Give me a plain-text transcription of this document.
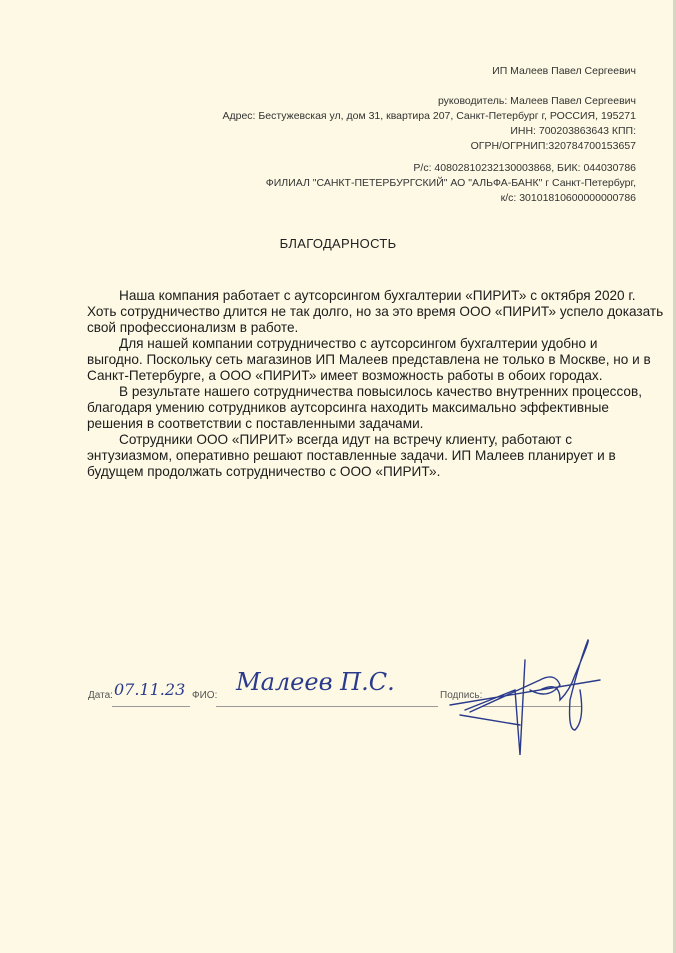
ИП Малеев Павел Сергеевич
руководитель: Малеев Павел Сергеевич
Адрес: Бестужевская ул, дом 31, квартира 207, Санкт-Петербург г, РОССИЯ, 195271
ИНН: 700203863643 КПП:
ОГРН/ОГРНИП:320784700153657
Р/с: 40802810232130003868, БИК: 044030786
ФИЛИАЛ "САНКТ-ПЕТЕРБУРГСКИЙ" АО "АЛЬФА-БАНК" г Санкт-Петербург,
к/с: 30101810600000000786
БЛАГОДАРНОСТЬ
Наша компания работает с аутсорсингом бухгалтерии «ПИРИТ» с октября 2020 г.
Хоть сотрудничество длится не так долго, но за это время ООО «ПИРИТ» успело доказать
свой профессионализм в работе.
Для нашей компании сотрудничество с аутсорсингом бухгалтерии удобно и
выгодно. Поскольку сеть магазинов ИП Малеев представлена не только в Москве, но и в
Санкт-Петербурге, а ООО «ПИРИТ» имеет возможность работы в обоих городах.
В результате нашего сотрудничества повысилось качество внутренних процессов,
благодаря умению сотрудников аутсорсинга находить максимально эффективные
решения в соответствии с поставленными задачами.
Сотрудники ООО «ПИРИТ» всегда идут на встречу клиенту, работают с
энтузиазмом, оперативно решают поставленные задачи. ИП Малеев планирует и в
будущем продолжать сотрудничество с ООО «ПИРИТ».
Дата: 07.11.23 ФИО: Малеев П.С.	Подпись:
